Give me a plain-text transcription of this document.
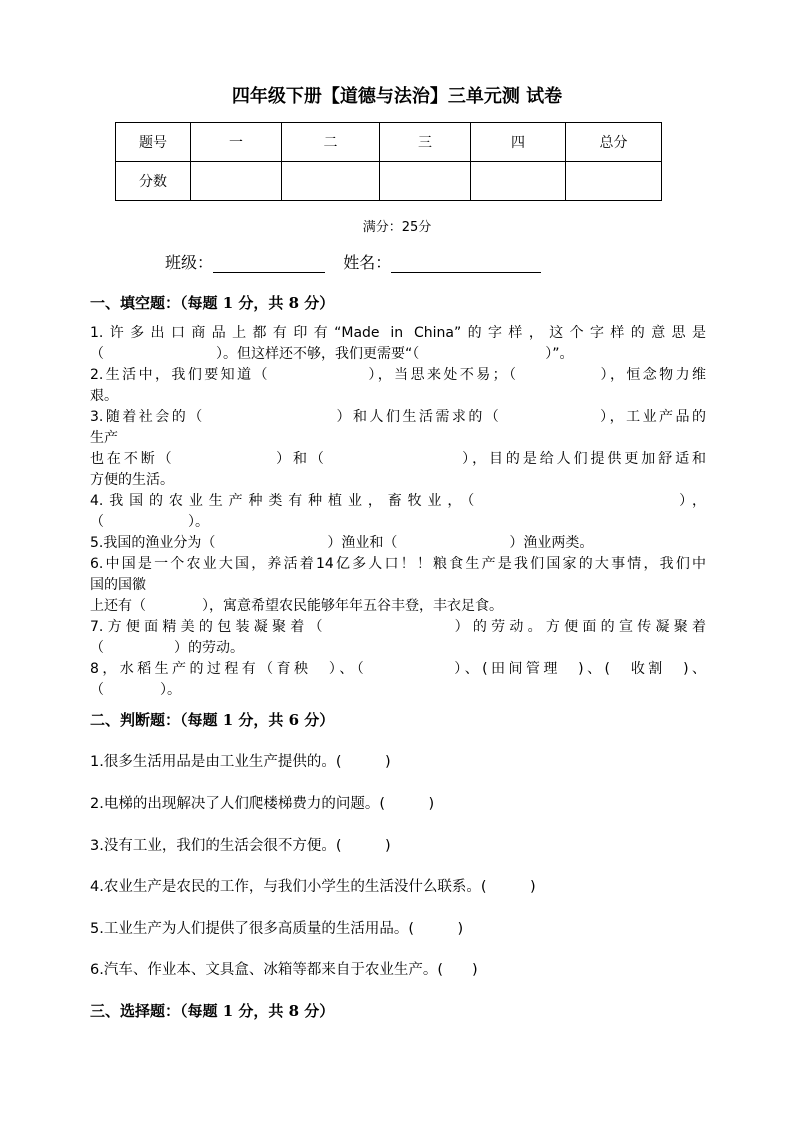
四年级下册【道德与法治】三单元测 试卷
题号	一	二	三	四	总分
分数					
满分：25分
班级：	姓名：
一、填空题：（每题 1 分，共 8 分）

1.许多出口商品上都有印有“Made in China”的字样，这个字样的意思是

（　　　　　　　　）。但这样还不够，我们更需要“（　　　　　　　　　）”。

2.生活中，我们要知道（　　　　　　），当思来处不易；（　　　　　），恒念物力维

艰。

3.随着社会的（　　　　　　　　）和人们生活需求的（　　　　　　），工业产品的

生产

也在不断（　　　　　　）和（　　　　　　　　），目的是给人们提供更加舒适和

方便的生活。

4.我国的农业生产种类有种植业，畜牧业，（　　　　　　　　　　），

（　　　　　　）。

5.我国的渔业分为（　　　　　　　　）渔业和（　　　　　　　　）渔业两类。

6.中国是一个农业大国，养活着14亿多人口！！粮食生产是我们国家的大事情，我们中

国的国徽

上还有（　　　　），寓意希望农民能够年年五谷丰登，丰衣足食。

7.方便面精美的包装凝聚着（　　　　　　　）的劳动。方便面的宣传凝聚着

（　　　　　）的劳动。

8，水稻生产的过程有（育秧　）、（　　　　　）、(田间管理　)、(　收割　)、

（　　　　）。

二、判断题：（每题 1 分，共 6 分）
1.很多生活用品是由工业生产提供的。(　　　)
2.电梯的出现解决了人们爬楼梯费力的问题。(　　　)
3.没有工业，我们的生活会很不方便。(　　　)
4.农业生产是农民的工作，与我们小学生的生活没什么联系。(　　　)
5.工业生产为人们提供了很多高质量的生活用品。(　　　)
6.汽车、作业本、文具盒、冰箱等都来自于农业生产。(　　)
三、选择题：（每题 1 分，共 8 分）
